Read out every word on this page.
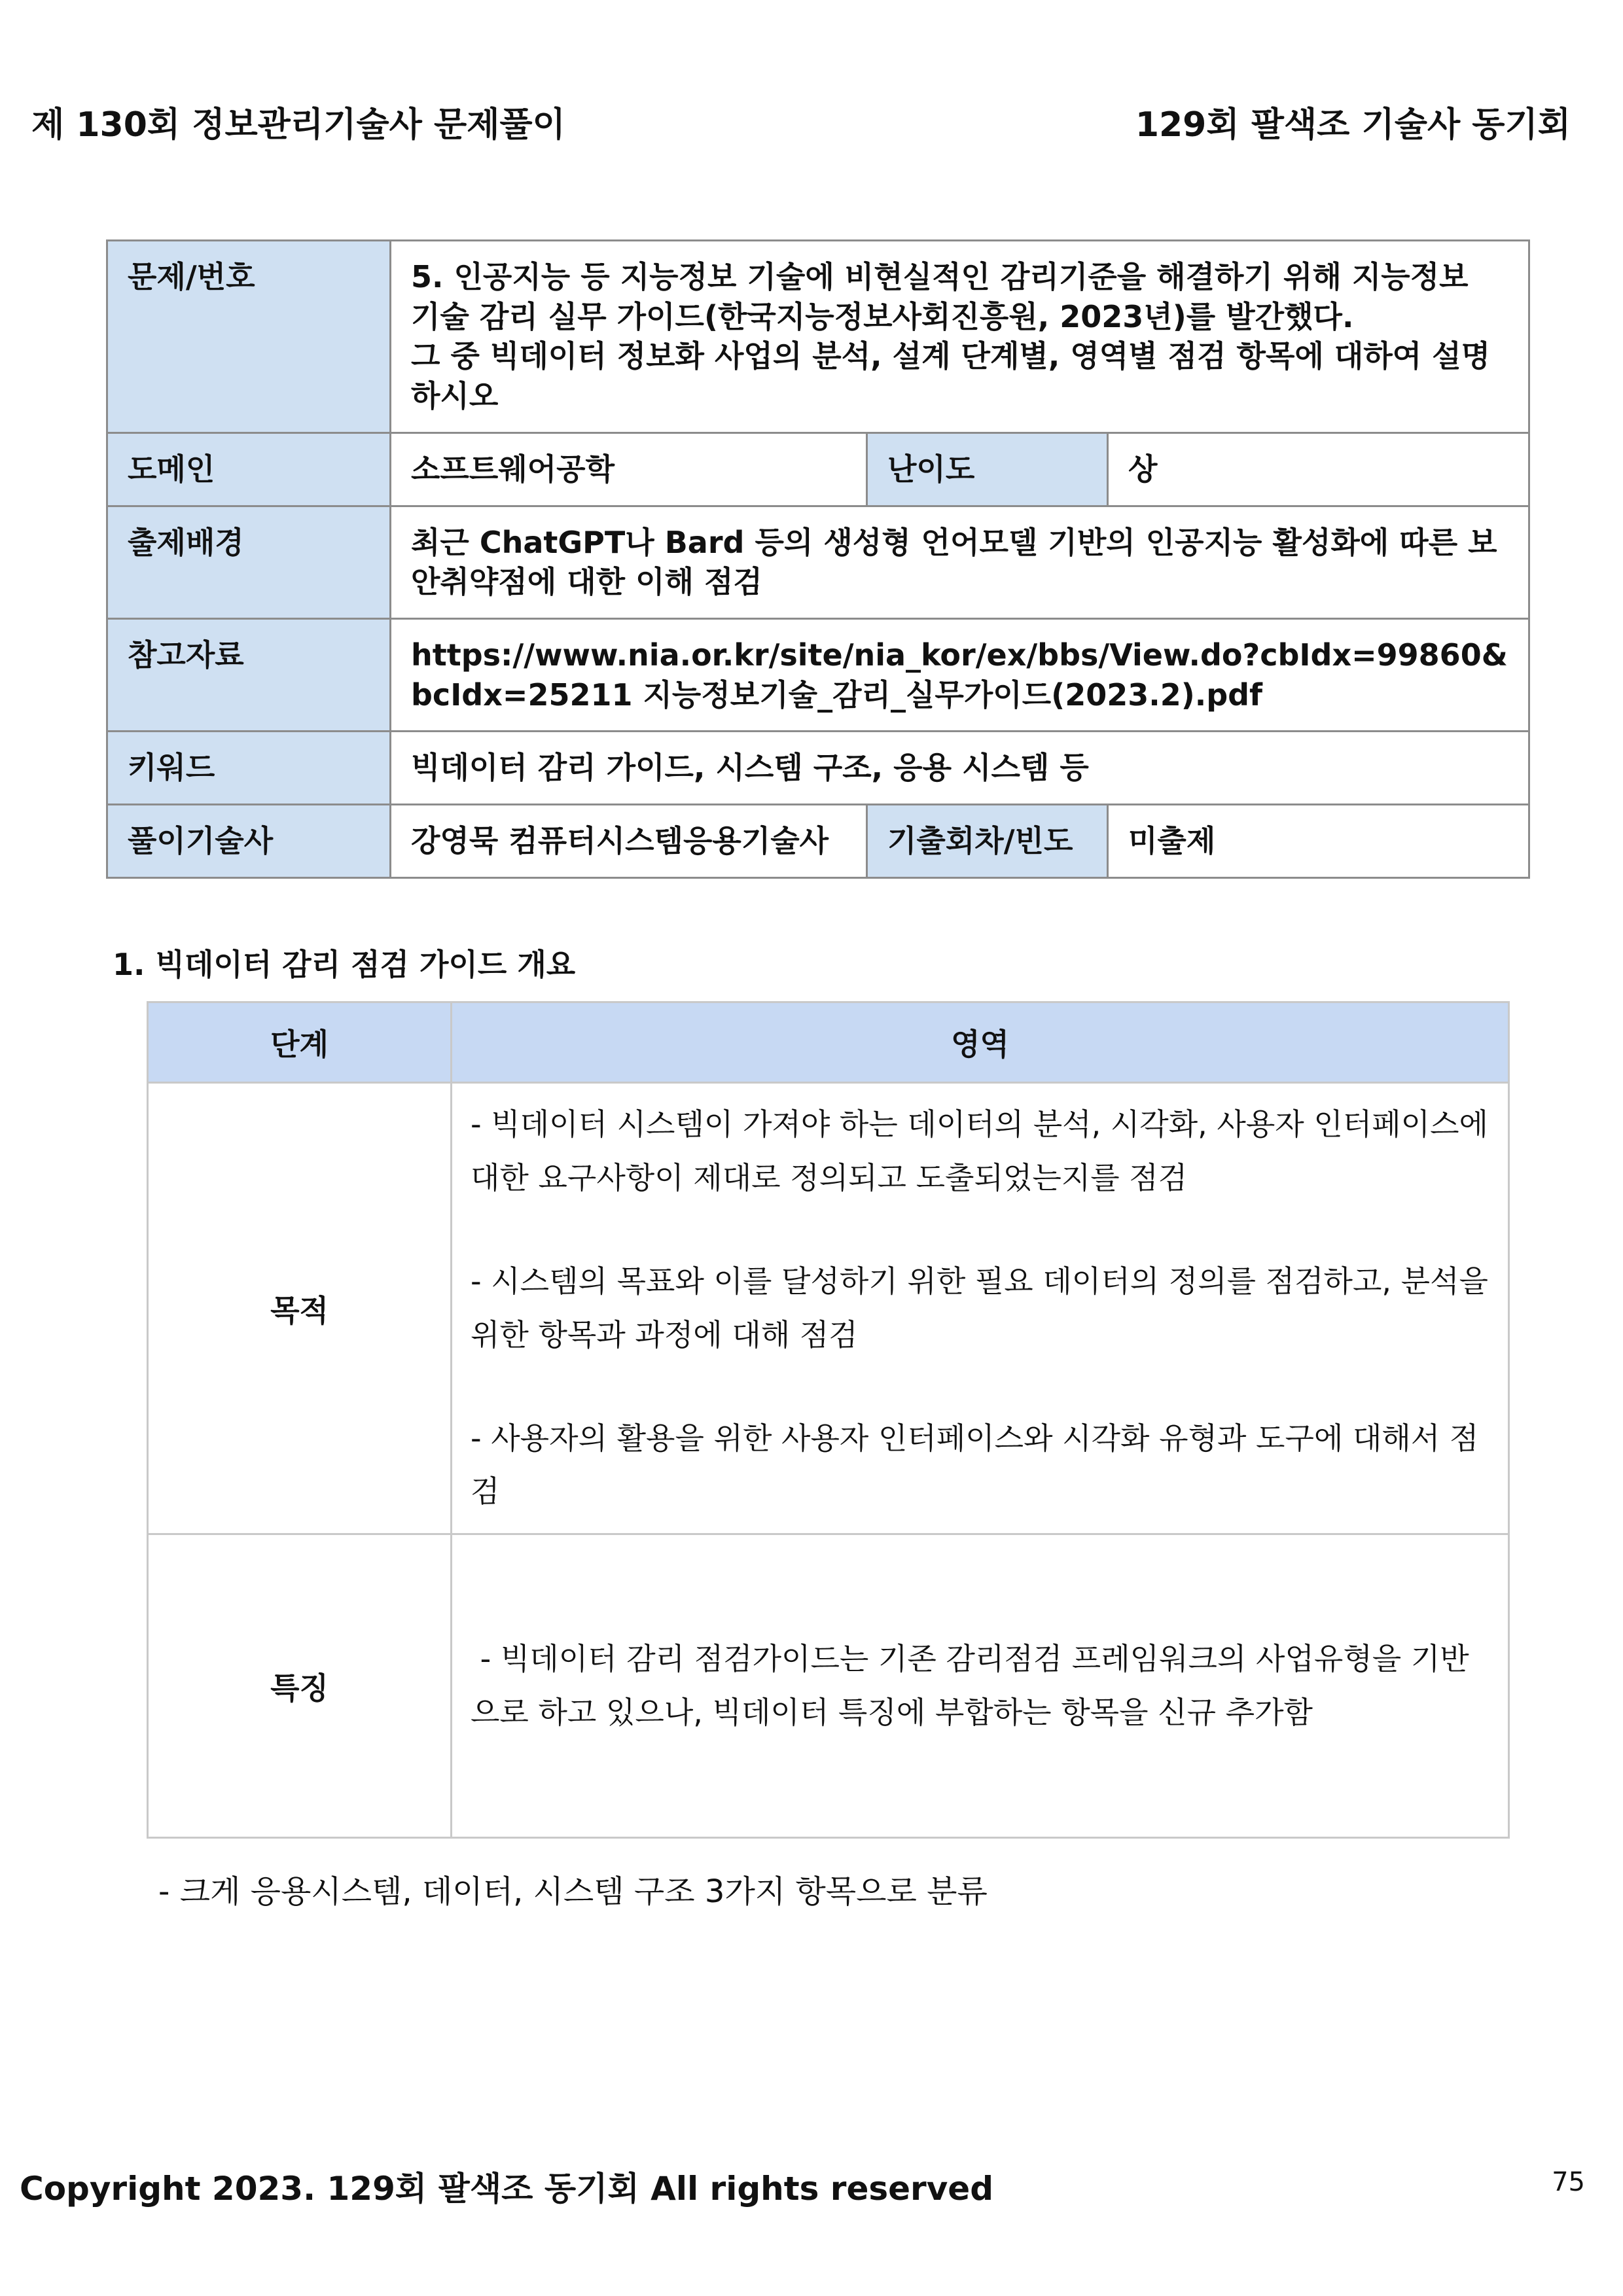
제 130회 정보관리기술사 문제풀이	129회 팔색조 기술사 동기회
문제/번호	5. 인공지능 등 지능정보 기술에 비현실적인 감리기준을 해결하기 위해 지능정보
기술 감리 실무 가이드(한국지능정보사회진흥원, 2023년)를 발간했다.
그 중 빅데이터 정보화 사업의 분석, 설계 단계별, 영역별 점검 항목에 대하여 설명하시오		

도메인	소프트웨어공학	난이도	상
출제배경	최근 ChatGPT나 Bard 등의 생성형 언어모델 기반의 인공지능 활성화에 따른 보안취약점에 대한 이해 점검		
참고자료	https://www.nia.or.kr/site/nia_kor/ex/bbs/View.do?cbIdx=99860&bcIdx=25211 지능정보기술_감리_실무가이드(2023.2).pdf		
키워드	빅데이터 감리 가이드, 시스템 구조, 응용 시스템 등		
풀이기술사	강영묵 컴퓨터시스템응용기술사	기출회차/빈도	미출제
1. 빅데이터 감리 점검 가이드 개요
단계	영역
목적	- 빅데이터 시스템이 가져야 하는 데이터의 분석, 시각화, 사용자 인터페이스에 대한 요구사항이 제대로 정의되고 도출되었는지를 점검

- 시스템의 목표와 이를 달성하기 위한 필요 데이터의 정의를 점검하고, 분석을 위한 항목과 과정에 대해 점검

- 사용자의 활용을 위한 사용자 인터페이스와 시각화 유형과 도구에 대해서 점검

특징	- 빅데이터 감리 점검가이드는 기존 감리점검 프레임워크의 사업유형을 기반으로 하고 있으나, 빅데이터 특징에 부합하는 항목을 신규 추가함

- 크게 응용시스템, 데이터, 시스템 구조 3가지 항목으로 분류
Copyright 2023. 129회 팔색조 동기회 All rights reserved	75
